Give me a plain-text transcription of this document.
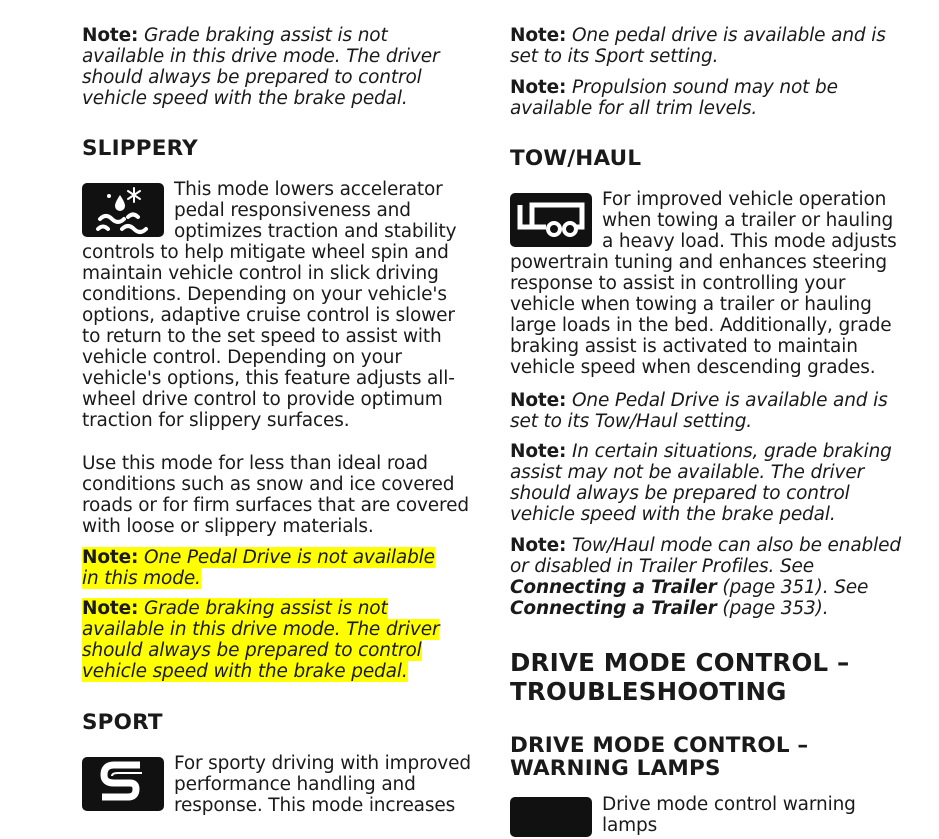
Note: Grade braking assist is not available in this drive mode. The driver should always be prepared to control vehicle speed with the brake pedal.

SLIPPERY

This mode lowers accelerator pedal responsiveness and optimizes traction and stability controls to help mitigate wheel spin and maintain vehicle control in slick driving conditions. Depending on your vehicle's options, adaptive cruise control is slower to return to the set speed to assist with vehicle control. Depending on your vehicle's options, this feature adjusts all-wheel drive control to provide optimum traction for slippery surfaces.

Use this mode for less than ideal road conditions such as snow and ice covered roads or for firm surfaces that are covered with loose or slippery materials.

Note: One Pedal Drive is not available in this mode.

Note: Grade braking assist is not available in this drive mode. The driver should always be prepared to control vehicle speed with the brake pedal.

SPORT

For sporty driving with improved performance handling and response. This mode increases

Note: One pedal drive is available and is set to its Sport setting.

Note: Propulsion sound may not be available for all trim levels.

TOW/HAUL

For improved vehicle operation when towing a trailer or hauling a heavy load. This mode adjusts powertrain tuning and enhances steering response to assist in controlling your vehicle when towing a trailer or hauling large loads in the bed. Additionally, grade braking assist is activated to maintain vehicle speed when descending grades.

Note: One Pedal Drive is available and is set to its Tow/Haul setting.

Note: In certain situations, grade braking assist may not be available. The driver should always be prepared to control vehicle speed with the brake pedal.

Note: Tow/Haul mode can also be enabled or disabled in Trailer Profiles. See Connecting a Trailer (page 351). See Connecting a Trailer (page 353).

DRIVE MODE CONTROL – TROUBLESHOOTING
DRIVE MODE CONTROL – WARNING LAMPS

Drive mode control warning lamps
